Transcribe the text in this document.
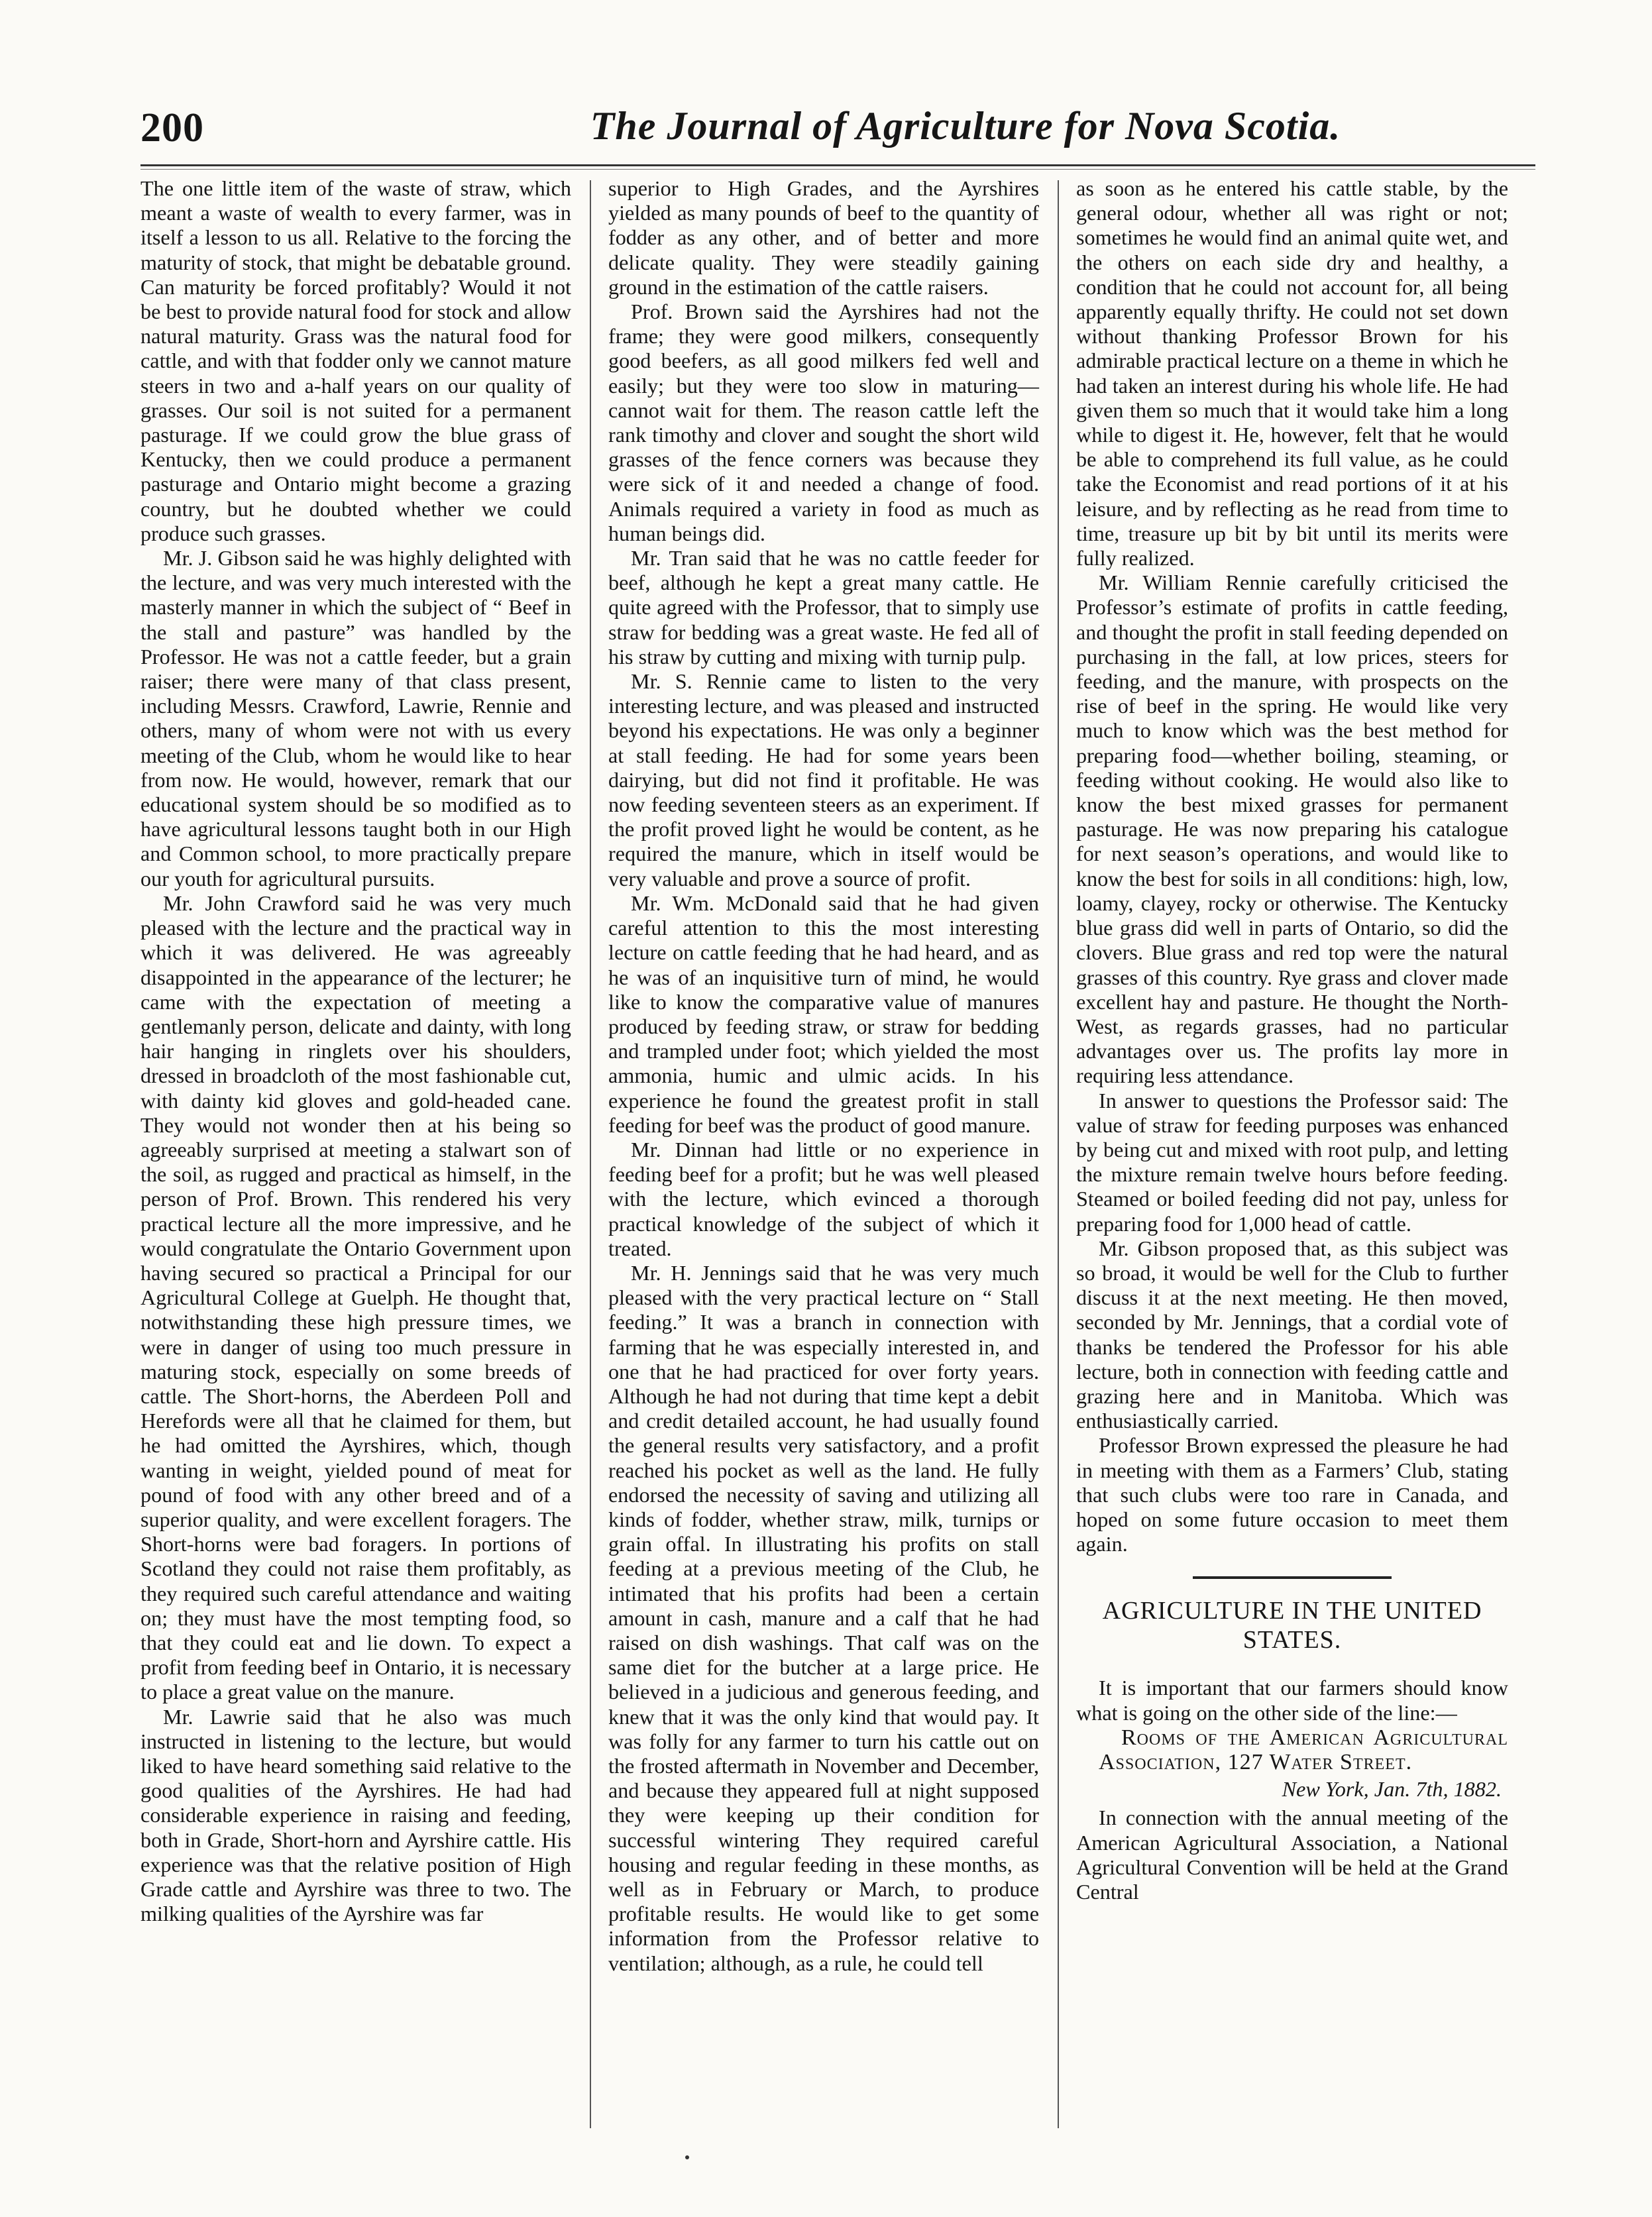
200	The Journal of Agriculture for Nova Scotia.

The one little item of the waste of straw, which meant a waste of wealth to every farmer, was in itself a lesson to us all. Relative to the forcing the maturity of stock, that might be debatable ground. Can maturity be forced profitably? Would it not be best to provide natural food for stock and allow natural maturity. Grass was the natural food for cattle, and with that fodder only we cannot mature steers in two and a-half years on our quality of grasses. Our soil is not suited for a permanent pasturage. If we could grow the blue grass of Kentucky, then we could produce a permanent pasturage and Ontario might become a grazing country, but he doubted whether we could produce such grasses.

Mr. J. Gibson said he was highly delighted with the lecture, and was very much interested with the masterly manner in which the subject of “ Beef in the stall and pasture” was handled by the Professor. He was not a cattle feeder, but a grain raiser; there were many of that class present, including Messrs. Crawford, Lawrie, Rennie and others, many of whom were not with us every meeting of the Club, whom he would like to hear from now. He would, however, remark that our educational system should be so modified as to have agricultural lessons taught both in our High and Common school, to more practically prepare our youth for agricultural pursuits.

Mr. John Crawford said he was very much pleased with the lecture and the practical way in which it was delivered. He was agreeably disappointed in the appearance of the lecturer; he came with the expectation of meeting a gentlemanly person, delicate and dainty, with long hair hanging in ringlets over his shoulders, dressed in broadcloth of the most fashionable cut, with dainty kid gloves and gold-headed cane. They would not wonder then at his being so agreeably surprised at meeting a stalwart son of the soil, as rugged and practical as himself, in the person of Prof. Brown. This rendered his very practical lecture all the more impressive, and he would congratulate the Ontario Government upon having secured so practical a Principal for our Agricultural College at Guelph. He thought that, notwithstanding these high pressure times, we were in danger of using too much pressure in maturing stock, especially on some breeds of cattle. The Short-horns, the Aberdeen Poll and Herefords were all that he claimed for them, but he had omitted the Ayrshires, which, though wanting in weight, yielded pound of meat for pound of food with any other breed and of a superior quality, and were excellent foragers. The Short-horns were bad foragers. In portions of Scotland they could not raise them profitably, as they required such careful attendance and waiting on; they must have the most tempting food, so that they could eat and lie down. To expect a profit from feeding beef in Ontario, it is necessary to place a great value on the manure.

Mr. Lawrie said that he also was much instructed in listening to the lecture, but would liked to have heard something said relative to the good qualities of the Ayrshires. He had had considerable experience in raising and feeding, both in Grade, Short-horn and Ayrshire cattle. His experience was that the relative position of High Grade cattle and Ayrshire was three to two. The milking qualities of the Ayrshire was far

superior to High Grades, and the Ayrshires yielded as many pounds of beef to the quantity of fodder as any other, and of better and more delicate quality. They were steadily gaining ground in the estimation of the cattle raisers.

Prof. Brown said the Ayrshires had not the frame; they were good milkers, consequently good beefers, as all good milkers fed well and easily; but they were too slow in maturing—cannot wait for them. The reason cattle left the rank timothy and clover and sought the short wild grasses of the fence corners was because they were sick of it and needed a change of food. Animals required a variety in food as much as human beings did.

Mr. Tran said that he was no cattle feeder for beef, although he kept a great many cattle. He quite agreed with the Professor, that to simply use straw for bedding was a great waste. He fed all of his straw by cutting and mixing with turnip pulp.

Mr. S. Rennie came to listen to the very interesting lecture, and was pleased and instructed beyond his expectations. He was only a beginner at stall feeding. He had for some years been dairying, but did not find it profitable. He was now feeding seventeen steers as an experiment. If the profit proved light he would be content, as he required the manure, which in itself would be very valuable and prove a source of profit.

Mr. Wm. McDonald said that he had given careful attention to this the most interesting lecture on cattle feeding that he had heard, and as he was of an inquisitive turn of mind, he would like to know the comparative value of manures produced by feeding straw, or straw for bedding and trampled under foot; which yielded the most ammonia, humic and ulmic acids. In his experience he found the greatest profit in stall feeding for beef was the product of good manure.

Mr. Dinnan had little or no experience in feeding beef for a profit; but he was well pleased with the lecture, which evinced a thorough practical knowledge of the subject of which it treated.

Mr. H. Jennings said that he was very much pleased with the very practical lecture on “ Stall feeding.” It was a branch in connection with farming that he was especially interested in, and one that he had practiced for over forty years. Although he had not during that time kept a debit and credit detailed account, he had usually found the general results very satisfactory, and a profit reached his pocket as well as the land. He fully endorsed the necessity of saving and utilizing all kinds of fodder, whether straw, milk, turnips or grain offal. In illustrating his profits on stall feeding at a previous meeting of the Club, he intimated that his profits had been a certain amount in cash, manure and a calf that he had raised on dish washings. That calf was on the same diet for the butcher at a large price. He believed in a judicious and generous feeding, and knew that it was the only kind that would pay. It was folly for any farmer to turn his cattle out on the frosted aftermath in November and December, and because they appeared full at night supposed they were keeping up their condition for successful wintering They required careful housing and regular feeding in these months, as well as in February or March, to produce profitable results. He would like to get some information from the Professor relative to ventilation; although, as a rule, he could tell

as soon as he entered his cattle stable, by the general odour, whether all was right or not; sometimes he would find an animal quite wet, and the others on each side dry and healthy, a condition that he could not account for, all being apparently equally thrifty. He could not set down without thanking Professor Brown for his admirable practical lecture on a theme in which he had taken an interest during his whole life. He had given them so much that it would take him a long while to digest it. He, however, felt that he would be able to comprehend its full value, as he could take the Economist and read portions of it at his leisure, and by reflecting as he read from time to time, treasure up bit by bit until its merits were fully realized.

Mr. William Rennie carefully criticised the Professor’s estimate of profits in cattle feeding, and thought the profit in stall feeding depended on purchasing in the fall, at low prices, steers for feeding, and the manure, with prospects on the rise of beef in the spring. He would like very much to know which was the best method for preparing food—whether boiling, steaming, or feeding without cooking. He would also like to know the best mixed grasses for permanent pasturage. He was now preparing his catalogue for next season’s operations, and would like to know the best for soils in all conditions: high, low, loamy, clayey, rocky or otherwise. The Kentucky blue grass did well in parts of Ontario, so did the clovers. Blue grass and red top were the natural grasses of this country. Rye grass and clover made excellent hay and pasture. He thought the North-West, as regards grasses, had no particular advantages over us. The profits lay more in requiring less attendance.

In answer to questions the Professor said: The value of straw for feeding purposes was enhanced by being cut and mixed with root pulp, and letting the mixture remain twelve hours before feeding. Steamed or boiled feeding did not pay, unless for preparing food for 1,000 head of cattle.

Mr. Gibson proposed that, as this subject was so broad, it would be well for the Club to further discuss it at the next meeting. He then moved, seconded by Mr. Jennings, that a cordial vote of thanks be tendered the Professor for his able lecture, both in connection with feeding cattle and grazing here and in Manitoba. Which was enthusiastically carried.

Professor Brown expressed the pleasure he had in meeting with them as a Farmers’ Club, stating that such clubs were too rare in Canada, and hoped on some future occasion to meet them again.

AGRICULTURE IN THE UNITED STATES.

It is important that our farmers should know what is going on the other side of the line:—

Rooms of the American Agricultural Association, 127 Water Street.

New York, Jan. 7th, 1882.

In connection with the annual meeting of the American Agricultural Association, a National Agricultural Convention will be held at the Grand Central
